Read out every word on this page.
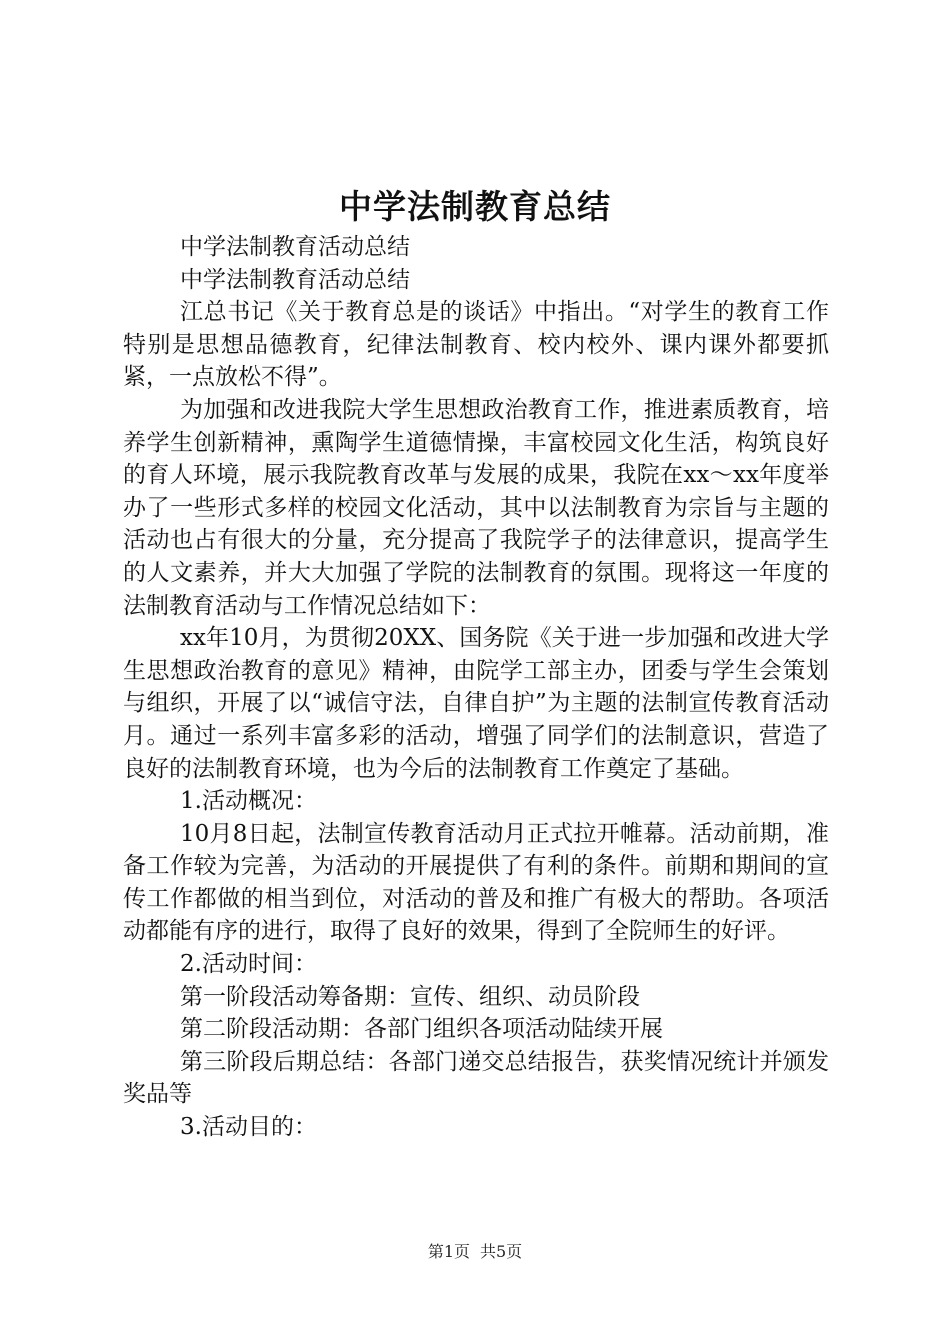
中学法制教育总结

中学法制教育活动总结

中学法制教育活动总结

江总书记《关于教育总是的谈话》中指出。“对学生的教育工作特别是思想品德教育，纪律法制教育、校内校外、课内课外都要抓紧，一点放松不得”。

为加强和改进我院大学生思想政治教育工作，推进素质教育，培养学生创新精神，熏陶学生道德情操，丰富校园文化生活，构筑良好的育人环境，展示我院教育改革与发展的成果，我院在xx～xx年度举办了一些形式多样的校园文化活动，其中以法制教育为宗旨与主题的活动也占有很大的分量，充分提高了我院学子的法律意识，提高学生的人文素养，并大大加强了学院的法制教育的氛围。现将这一年度的法制教育活动与工作情况总结如下：

xx年10月，为贯彻20XX、国务院《关于进一步加强和改进大学生思想政治教育的意见》精神，由院学工部主办，团委与学生会策划与组织，开展了以“诚信守法，自律自护”为主题的法制宣传教育活动月。通过一系列丰富多彩的活动，增强了同学们的法制意识，营造了良好的法制教育环境，也为今后的法制教育工作奠定了基础。

1.活动概况：

10月8日起，法制宣传教育活动月正式拉开帷幕。活动前期，准备工作较为完善，为活动的开展提供了有利的条件。前期和期间的宣传工作都做的相当到位，对活动的普及和推广有极大的帮助。各项活动都能有序的进行，取得了良好的效果，得到了全院师生的好评。

2.活动时间：

第一阶段活动筹备期：宣传、组织、动员阶段

第二阶段活动期：各部门组织各项活动陆续开展

第三阶段后期总结：各部门递交总结报告，获奖情况统计并颁发奖品等

3.活动目的：

第1页 共5页
